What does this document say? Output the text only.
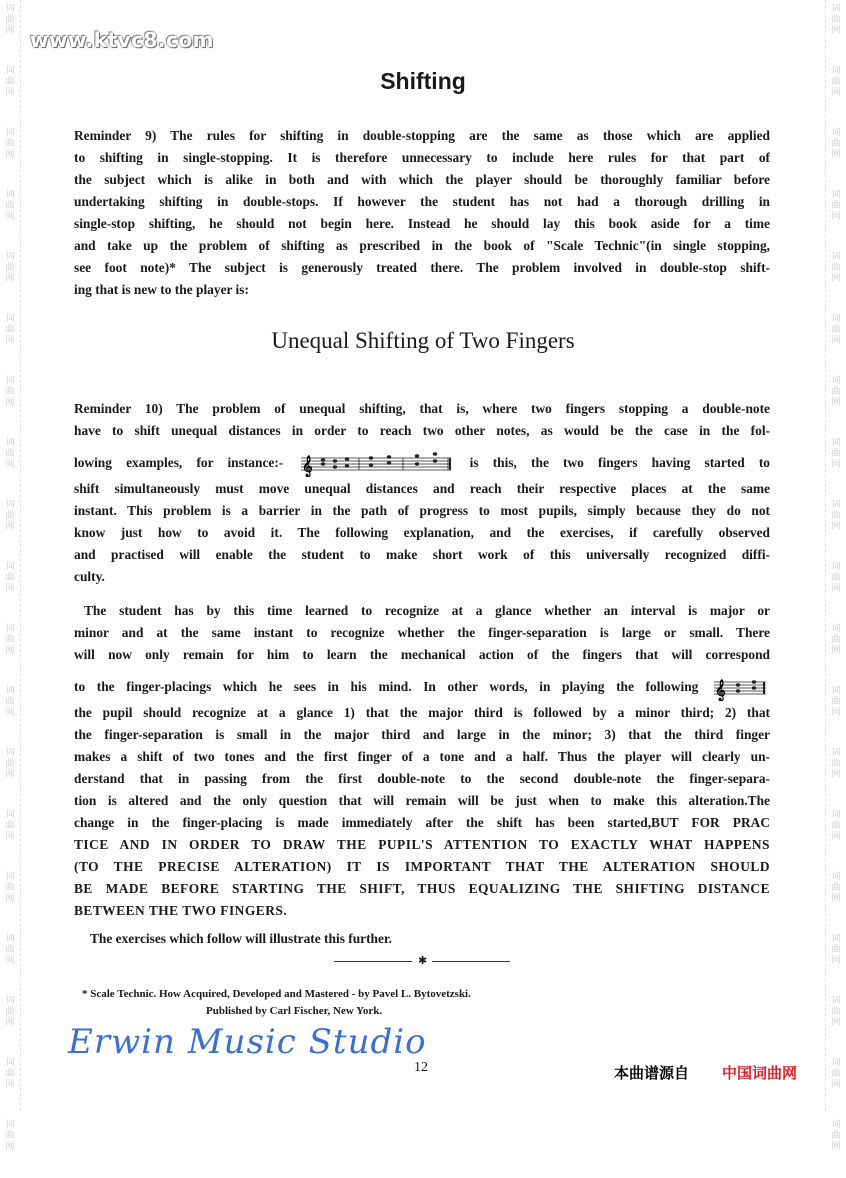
词
曲
网
词
曲
网
词
曲
网
词
曲
网
词
曲
网
词
曲
网
词
曲
网
词
曲
网
词
曲
网
词
曲
网
词
曲
网
词
曲
网
词
曲
网
词
曲
网
词
曲
网
词
曲
网
词
曲
网
词
曲
网
词
曲
网
词
曲
网
词
曲
网
词
曲
网
词
曲
网
词
曲
网
词
曲
网
词
曲
网
词
曲
网
词
曲
网
词
曲
网
词
曲
网
词
曲
网
词
曲
网
词
曲
网
词
曲
网
词
曲
网
词
曲
网
词
曲
网
词
曲
网
www.ktvc8.com
Shifting
Reminder 9) The rules for shifting in double-stopping are the same as those which are applied
to shifting in single-stopping. It is therefore unnecessary to include here rules for that part of
the subject which is alike in both and with which the player should be thoroughly familiar before
undertaking shifting in double-stops. If however the student has not had a thorough drilling in
single-stop shifting, he should not begin here. Instead he should lay this book aside for a time
and take up the problem of shifting as prescribed in the book of "Scale Technic"(in single stopping,
see foot note)* The subject is generously treated there. The problem involved in double-stop shift-
ing that is new to the player is:
Unequal Shifting of Two Fingers
Reminder 10) The problem of unequal shifting, that is, where two fingers stopping a double-note
have to shift unequal distances in order to reach two other notes, as would be the case in the fol-
lowing examples, for instance:- 𝄞	is this, the two fingers having started to
shift simultaneously must move unequal distances and reach their respective places at the same
instant. This problem is a barrier in the path of progress to most pupils, simply because they do not
know just how to avoid it. The following explanation, and the exercises, if carefully observed
and practised will enable the student to make short work of this universally recognized diffi-
culty.
The student has by this time learned to recognize at a glance whether an interval is major or
minor and at the same instant to recognize whether the finger-separation is large or small. There
will now only remain for him to learn the mechanical action of the fingers that will correspond
to the finger-placings which he sees in his mind. In other words, in playing the following 𝄞
the pupil should recognize at a glance 1) that the major third is followed by a minor third; 2) that
the finger-separation is small in the major third and large in the minor; 3) that the third finger
makes a shift of two tones and the first finger of a tone and a half. Thus the player will clearly un-
derstand that in passing from the first double-note to the second double-note the finger-separa-
tion is altered and the only question that will remain will be just when to make this alteration.The
change in the finger-placing is made immediately after the shift has been started,BUT FOR PRAC
TICE AND IN ORDER TO DRAW THE PUPIL'S ATTENTION TO EXACTLY WHAT HAPPENS
(TO THE PRECISE ALTERATION) IT IS IMPORTANT THAT THE ALTERATION SHOULD
BE MADE BEFORE STARTING THE SHIFT, THUS EQUALIZING THE SHIFTING DISTANCE
BETWEEN THE TWO FINGERS.
The exercises which follow will illustrate this further.
✱
* Scale Technic. How Acquired, Developed and Mastered - by Pavel L. Bytovetzski.
Published by Carl Fischer, New York.
Erwin Music Studio
12	本曲谱源自 中国词曲网
